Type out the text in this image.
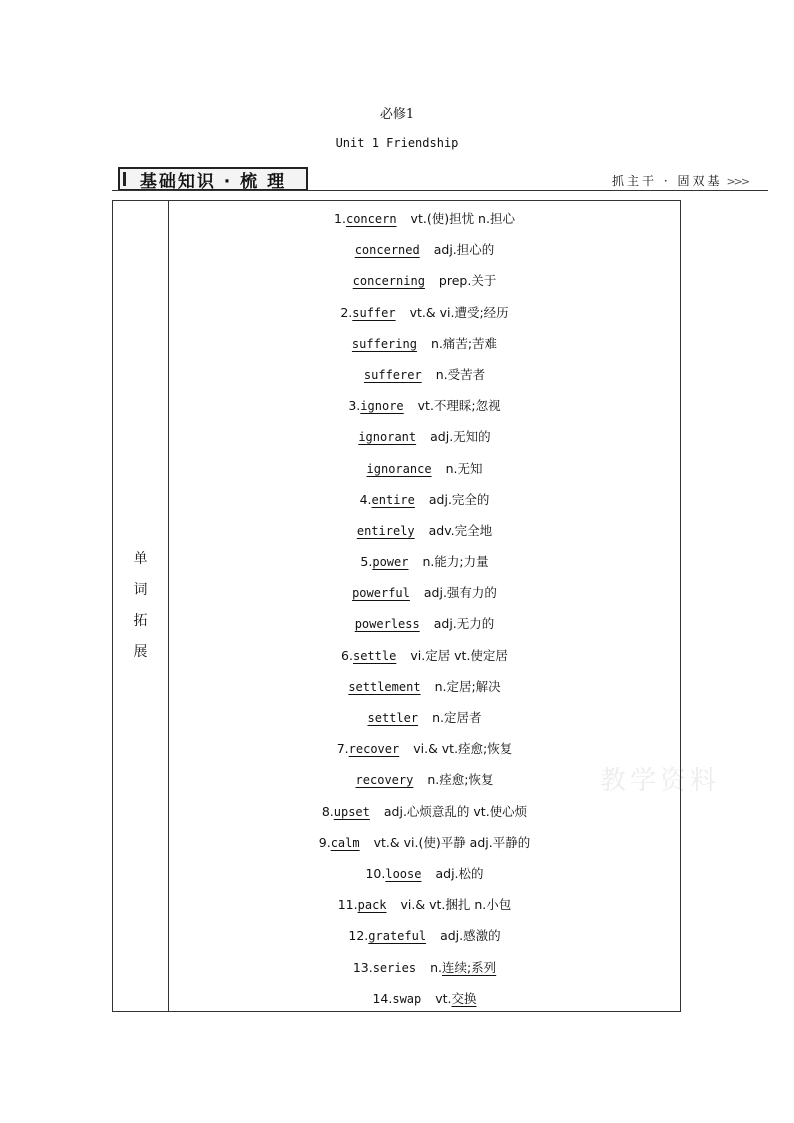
必修1
Unit 1 Friendship
基础知识 · 梳 理	抓主干 · 固双基 >>>
教学资料
单
词
拓
展
1.concern vt.(使)担忧 n.担心
concerned adj.担心的
concerning prep.关于
2.suffer vt.& vi.遭受;经历
suffering n.痛苦;苦难
sufferer n.受苦者
3.ignore vt.不理睬;忽视
ignorant adj.无知的
ignorance n.无知
4.entire adj.完全的
entirely adv.完全地
5.power n.能力;力量
powerful adj.强有力的
powerless adj.无力的
6.settle vi.定居 vt.使定居
settlement n.定居;解决
settler n.定居者
7.recover vi.& vt.痊愈;恢复
recovery n.痊愈;恢复
8.upset adj.心烦意乱的 vt.使心烦
9.calm vt.& vi.(使)平静 adj.平静的
10.loose adj.松的
11.pack vi.& vt.捆扎 n.小包
12.grateful adj.感激的
13.series n.连续;系列
14.swap vt.交换
